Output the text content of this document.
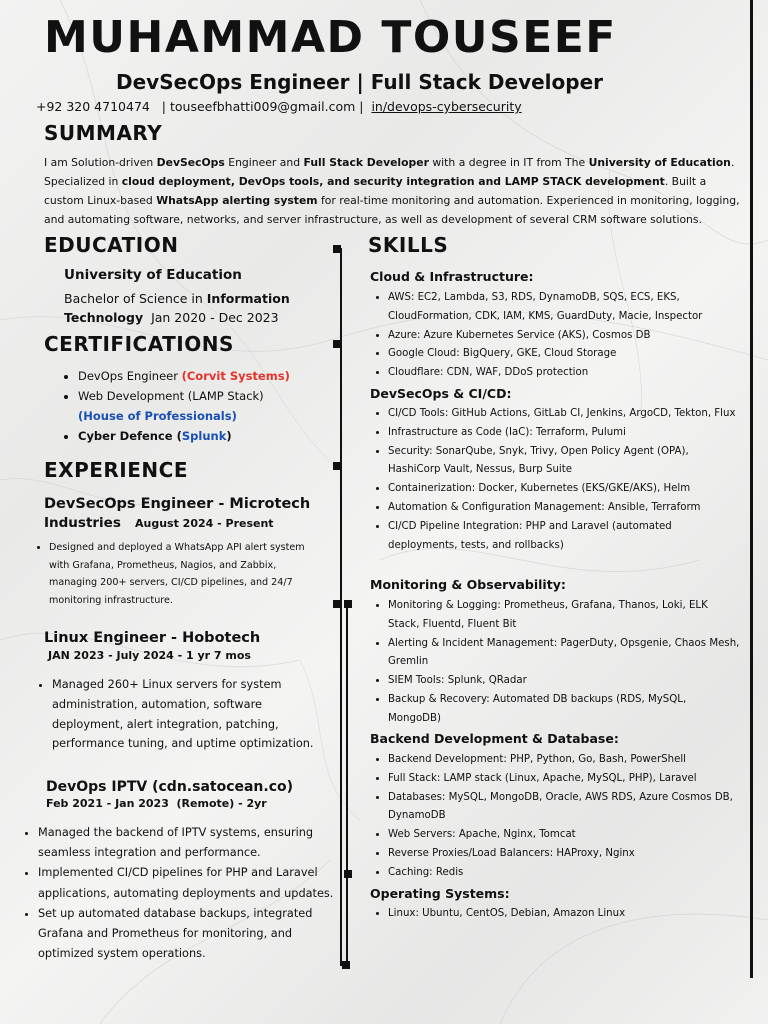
MUHAMMAD TOUSEEF
DevSecOps Engineer | Full Stack Developer
+92 320 4710474 | touseefbhatti009@gmail.com | in/devops-cybersecurity
SUMMARY
I am Solution-driven DevSecOps Engineer and Full Stack Developer with a degree in IT from The University of Education. Specialized in cloud deployment, DevOps tools, and security integration and LAMP STACK development. Built a custom Linux-based WhatsApp alerting system for real-time monitoring and automation. Experienced in monitoring, logging, and automating software, networks, and server infrastructure, as well as development of several CRM software solutions.
EDUCATION
University of Education
Bachelor of Science in Information
Technology Jan 2020 - Dec 2023
CERTIFICATIONS
• DevOps Engineer (Corvit Systems)
• Web Development (LAMP Stack)
(House of Professionals)
• Cyber Defence (Splunk)
EXPERIENCE
DevSecOps Engineer - Microtech
Industries August 2024 - Present
• Designed and deployed a WhatsApp API alert system with Grafana, Prometheus, Nagios, and Zabbix, managing 200+ servers, CI/CD pipelines, and 24/7 monitoring infrastructure.
Linux Engineer - Hobotech
JAN 2023 - July 2024 - 1 yr 7 mos
• Managed 260+ Linux servers for system administration, automation, software deployment, alert integration, patching, performance tuning, and uptime optimization.
DevOps IPTV (cdn.satocean.co)
Feb 2021 - Jan 2023  (Remote) - 2yr
• Managed the backend of IPTV systems, ensuring seamless integration and performance.
• Implemented CI/CD pipelines for PHP and Laravel applications, automating deployments and updates.
• Set up automated database backups, integrated Grafana and Prometheus for monitoring, and optimized system operations.
SKILLS
Cloud & Infrastructure:
• AWS: EC2, Lambda, S3, RDS, DynamoDB, SQS, ECS, EKS, CloudFormation, CDK, IAM, KMS, GuardDuty, Macie, Inspector
• Azure: Azure Kubernetes Service (AKS), Cosmos DB
• Google Cloud: BigQuery, GKE, Cloud Storage
• Cloudflare: CDN, WAF, DDoS protection
DevSecOps & CI/CD:
• CI/CD Tools: GitHub Actions, GitLab CI, Jenkins, ArgoCD, Tekton, Flux
• Infrastructure as Code (IaC): Terraform, Pulumi
• Security: SonarQube, Snyk, Trivy, Open Policy Agent (OPA), HashiCorp Vault, Nessus, Burp Suite
• Containerization: Docker, Kubernetes (EKS/GKE/AKS), Helm
• Automation & Configuration Management: Ansible, Terraform
• CI/CD Pipeline Integration: PHP and Laravel (automated deployments, tests, and rollbacks)
Monitoring & Observability:
• Monitoring & Logging: Prometheus, Grafana, Thanos, Loki, ELK Stack, Fluentd, Fluent Bit
• Alerting & Incident Management: PagerDuty, Opsgenie, Chaos Mesh, Gremlin
• SIEM Tools: Splunk, QRadar
• Backup & Recovery: Automated DB backups (RDS, MySQL, MongoDB)
Backend Development & Database:
• Backend Development: PHP, Python, Go, Bash, PowerShell
• Full Stack: LAMP stack (Linux, Apache, MySQL, PHP), Laravel
• Databases: MySQL, MongoDB, Oracle, AWS RDS, Azure Cosmos DB, DynamoDB
• Web Servers: Apache, Nginx, Tomcat
• Reverse Proxies/Load Balancers: HAProxy, Nginx
• Caching: Redis
Operating Systems:
• Linux: Ubuntu, CentOS, Debian, Amazon Linux
